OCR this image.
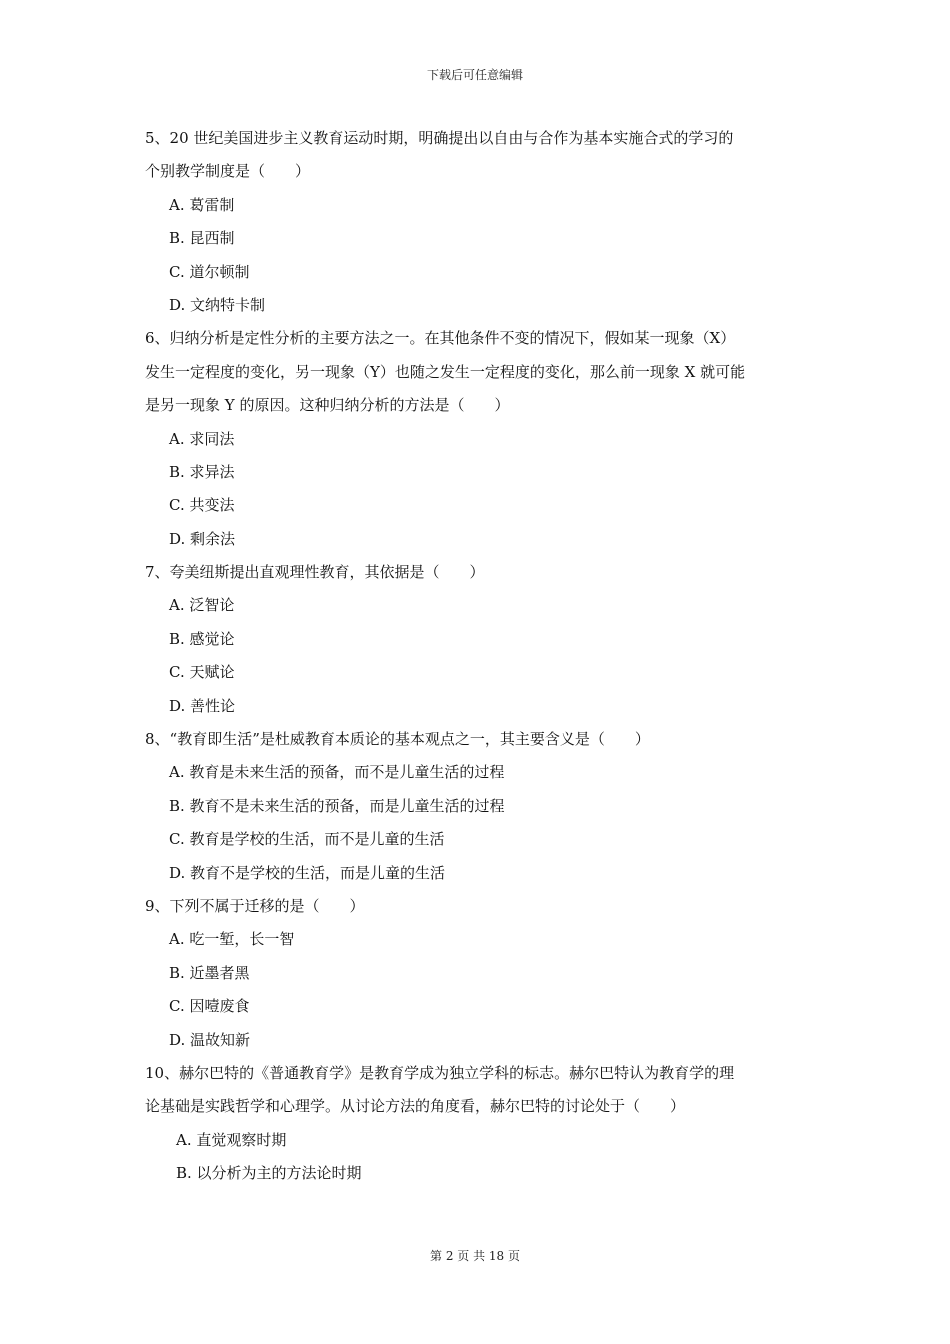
下载后可任意编辑
5、20 世纪美国进步主义教育运动时期，明确提出以自由与合作为基本实施合式的学习的
个别教学制度是（　　）
A. 葛雷制
B. 昆西制
C. 道尔顿制
D. 文纳特卡制
6、归纳分析是定性分析的主要方法之一。在其他条件不变的情况下，假如某一现象（X）
发生一定程度的变化，另一现象（Y）也随之发生一定程度的变化，那么前一现象 X 就可能
是另一现象 Y 的原因。这种归纳分析的方法是（　　）
A. 求同法
B. 求异法
C. 共变法
D. 剩余法
7、夸美纽斯提出直观理性教育，其依据是（　　）
A. 泛智论
B. 感觉论
C. 天赋论
D. 善性论
8、“教育即生活”是杜威教育本质论的基本观点之一，其主要含义是（　　）
A. 教育是未来生活的预备，而不是儿童生活的过程
B. 教育不是未来生活的预备，而是儿童生活的过程
C. 教育是学校的生活，而不是儿童的生活
D. 教育不是学校的生活，而是儿童的生活
9、下列不属于迁移的是（　　）
A. 吃一堑，长一智
B. 近墨者黑
C. 因噎废食
D. 温故知新
10、赫尔巴特的《普通教育学》是教育学成为独立学科的标志。赫尔巴特认为教育学的理
论基础是实践哲学和心理学。从讨论方法的角度看，赫尔巴特的讨论处于（　　）
A. 直觉观察时期
B. 以分析为主的方法论时期
第 2 页 共 18 页
